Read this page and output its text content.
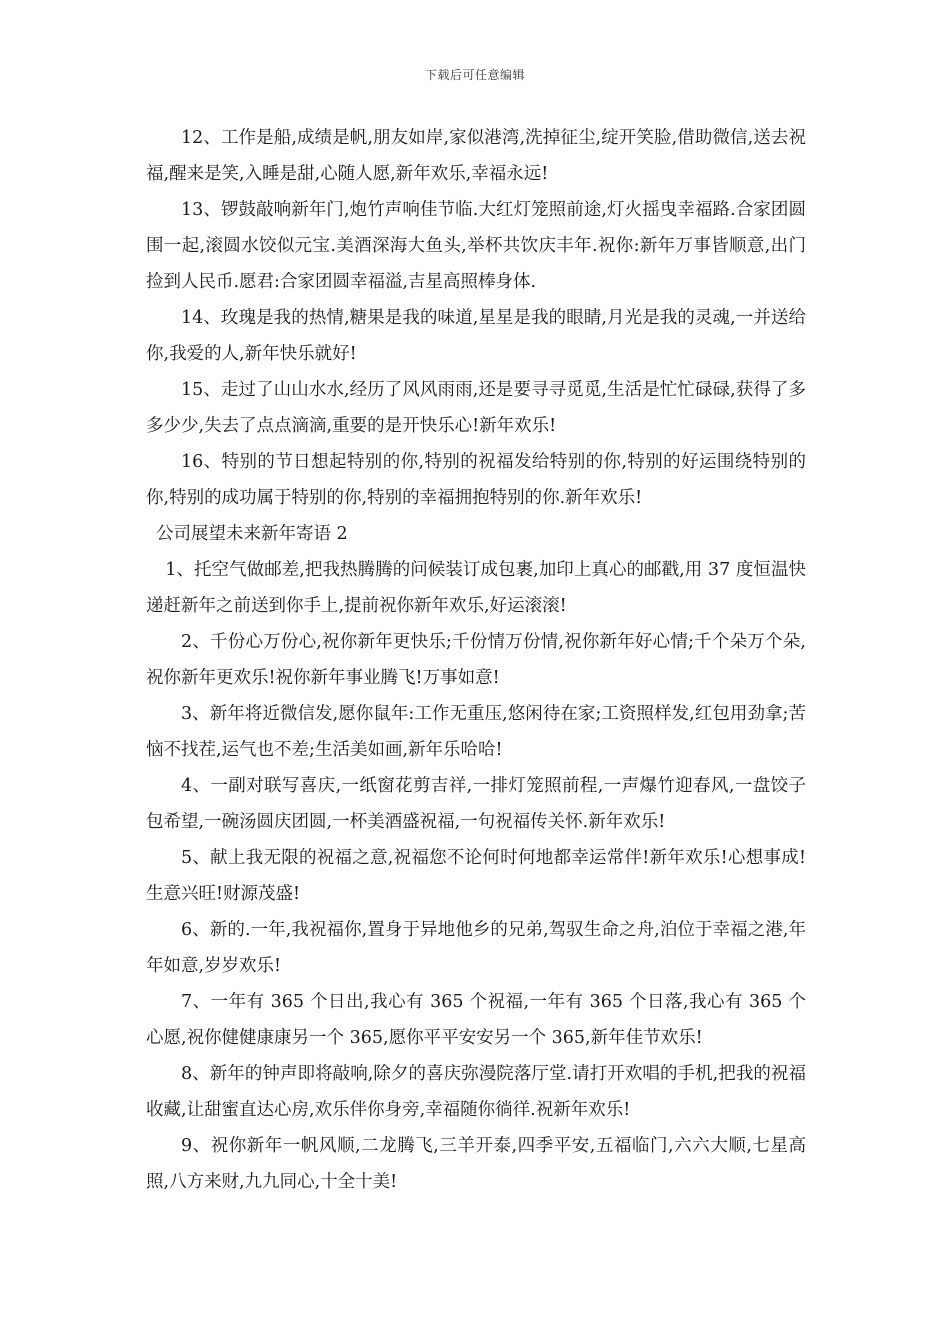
下载后可任意编辑

12、工作是船,成绩是帆,朋友如岸,家似港湾,洗掉征尘,绽开笑脸,借助微信,送去祝福,醒来是笑,入睡是甜,心随人愿,新年欢乐,幸福永远!

13、锣鼓敲响新年门,炮竹声响佳节临.大红灯笼照前途,灯火摇曳幸福路.合家团圆围一起,滚圆水饺似元宝.美酒深海大鱼头,举杯共饮庆丰年.祝你:新年万事皆顺意,出门捡到人民币.愿君:合家团圆幸福溢,吉星高照棒身体.

14、玫瑰是我的热情,糖果是我的味道,星星是我的眼睛,月光是我的灵魂,一并送给你,我爱的人,新年快乐就好!

15、走过了山山水水,经历了风风雨雨,还是要寻寻觅觅,生活是忙忙碌碌,获得了多多少少,失去了点点滴滴,重要的是开快乐心!新年欢乐!

16、特别的节日想起特别的你,特别的祝福发给特别的你,特别的好运围绕特别的你,特别的成功属于特别的你,特别的幸福拥抱特别的你.新年欢乐!

公司展望未来新年寄语 2

1、托空气做邮差,把我热腾腾的问候装订成包裹,加印上真心的邮戳,用 37 度恒温快递赶新年之前送到你手上,提前祝你新年欢乐,好运滚滚!

2、千份心万份心,祝你新年更快乐;千份情万份情,祝你新年好心情;千个朵万个朵,祝你新年更欢乐!祝你新年事业腾飞!万事如意!

3、新年将近微信发,愿你鼠年:工作无重压,悠闲待在家;工资照样发,红包用劲拿;苦恼不找茬,运气也不差;生活美如画,新年乐哈哈!

4、一副对联写喜庆,一纸窗花剪吉祥,一排灯笼照前程,一声爆竹迎春风,一盘饺子包希望,一碗汤圆庆团圆,一杯美酒盛祝福,一句祝福传关怀.新年欢乐!

5、献上我无限的祝福之意,祝福您不论何时何地都幸运常伴!新年欢乐!心想事成!生意兴旺!财源茂盛!

6、新的.一年,我祝福你,置身于异地他乡的兄弟,驾驭生命之舟,泊位于幸福之港,年年如意,岁岁欢乐!

7、一年有 365 个日出,我心有 365 个祝福,一年有 365 个日落,我心有 365 个心愿,祝你健健康康另一个 365,愿你平平安安另一个 365,新年佳节欢乐!

8、新年的钟声即将敲响,除夕的喜庆弥漫院落厅堂.请打开欢唱的手机,把我的祝福收藏,让甜蜜直达心房,欢乐伴你身旁,幸福随你徜徉.祝新年欢乐!

9、祝你新年一帆风顺,二龙腾飞,三羊开泰,四季平安,五福临门,六六大顺,七星高照,八方来财,九九同心,十全十美!
